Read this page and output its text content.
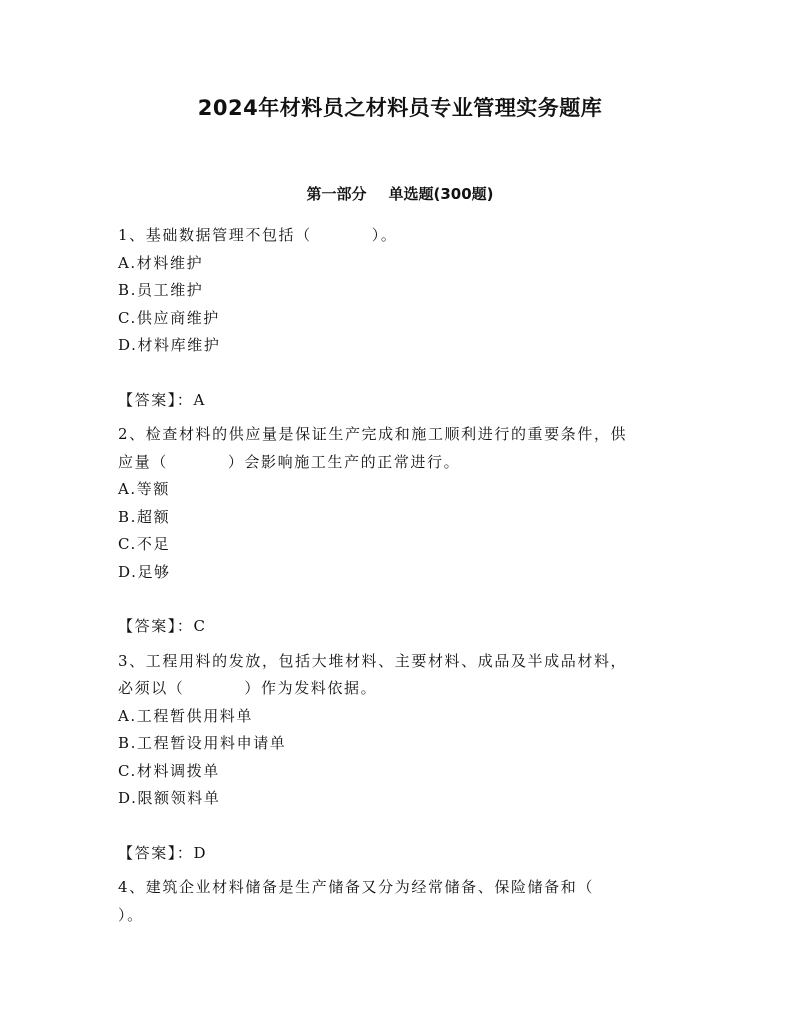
2024年材料员之材料员专业管理实务题库
第一部分 单选题(300题)
1、基础数据管理不包括（	）。
A.材料维护
B.员工维护
C.供应商维护
D.材料库维护
【答案】：A
2、检查材料的供应量是保证生产完成和施工顺利进行的重要条件，供
应量（	）会影响施工生产的正常进行。
A.等额
B.超额
C.不足
D.足够
【答案】：C
3、工程用料的发放，包括大堆材料、主要材料、成品及半成品材料，
必须以（	）作为发料依据。
A.工程暂供用料单
B.工程暂设用料申请单
C.材料调拨单
D.限额领料单
【答案】：D
4、建筑企业材料储备是生产储备又分为经常储备、保险储备和（
）。
